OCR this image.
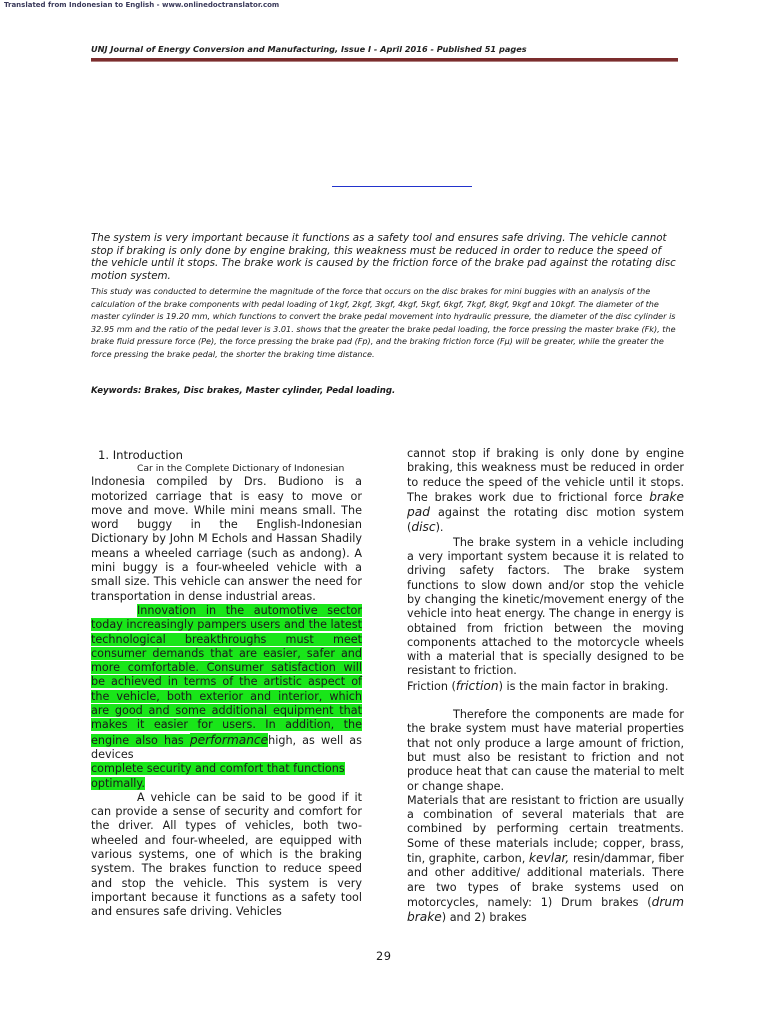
Translated from Indonesian to English - www.onlinedoctranslator.com
UNJ Journal of Energy Conversion and Manufacturing, Issue I - April 2016 - Published 51 pages
The system is very important because it functions as a safety tool and ensures safe driving. The vehicle cannot stop if braking is only done by engine braking, this weakness must be reduced in order to reduce the speed of the vehicle until it stops. The brake work is caused by the friction force of the brake pad against the rotating disc motion system.
This study was conducted to determine the magnitude of the force that occurs on the disc brakes for mini buggies with an analysis of the calculation of the brake components with pedal loading of 1kgf, 2kgf, 3kgf, 4kgf, 5kgf, 6kgf, 7kgf, 8kgf, 9kgf and 10kgf. The diameter of the master cylinder is 19.20 mm, which functions to convert the brake pedal movement into hydraulic pressure, the diameter of the disc cylinder is 32.95 mm and the ratio of the pedal lever is 3.01. shows that the greater the brake pedal loading, the force pressing the master brake (Fk), the brake fluid pressure force (Pe), the force pressing the brake pad (Fp), and the braking friction force (Fμ) will be greater, while the greater the force pressing the brake pedal, the shorter the braking time distance.
Keywords: Brakes, Disc brakes, Master cylinder, Pedal loading.
1. Introduction
Car in the Complete Dictionary of Indonesian
Indonesia compiled by Drs. Budiono is a motorized carriage that is easy to move or move and move. While mini means small. The word buggy in the English-Indonesian Dictionary by John M Echols and Hassan Shadily means a wheeled carriage (such as andong). A mini buggy is a four-wheeled vehicle with a small size. This vehicle can answer the need for transportation in dense industrial areas.
Innovation in the automotive sector today increasingly pampers users and the latest technological breakthroughs must meet consumer demands that are easier, safer and more comfortable. Consumer satisfaction will be achieved in terms of the artistic aspect of the vehicle, both exterior and interior, which are good and some additional equipment that makes it easier for users. In addition, the engine also has performancehigh, as well as devices
complete security and comfort that functions optimally.
A vehicle can be said to be good if it can provide a sense of security and comfort for the driver. All types of vehicles, both two-wheeled and four-wheeled, are equipped with various systems, one of which is the braking system. The brakes function to reduce speed and stop the vehicle. This system is very important because it functions as a safety tool and ensures safe driving. Vehicles
cannot stop if braking is only done by engine braking, this weakness must be reduced in order to reduce the speed of the vehicle until it stops. The brakes work due to frictional force brake pad against the rotating disc motion system (disc).
The brake system in a vehicle including a very important system because it is related to driving safety factors. The brake system functions to slow down and/or stop the vehicle by changing the kinetic/movement energy of the vehicle into heat energy. The change in energy is obtained from friction between the moving components attached to the motorcycle wheels with a material that is specially designed to be resistant to friction.
Friction (friction) is the main factor in braking.
Therefore the components are made for the brake system must have material properties that not only produce a large amount of friction, but must also be resistant to friction and not produce heat that can cause the material to melt or change shape.
Materials that are resistant to friction are usually a combination of several materials that are combined by performing certain treatments. Some of these materials include; copper, brass, tin, graphite, carbon, kevlar, resin/dammar, fiber and other additive/ additional materials. There are two types of brake systems used on motorcycles, namely: 1) Drum brakes (drum brake) and 2) brakes
29
